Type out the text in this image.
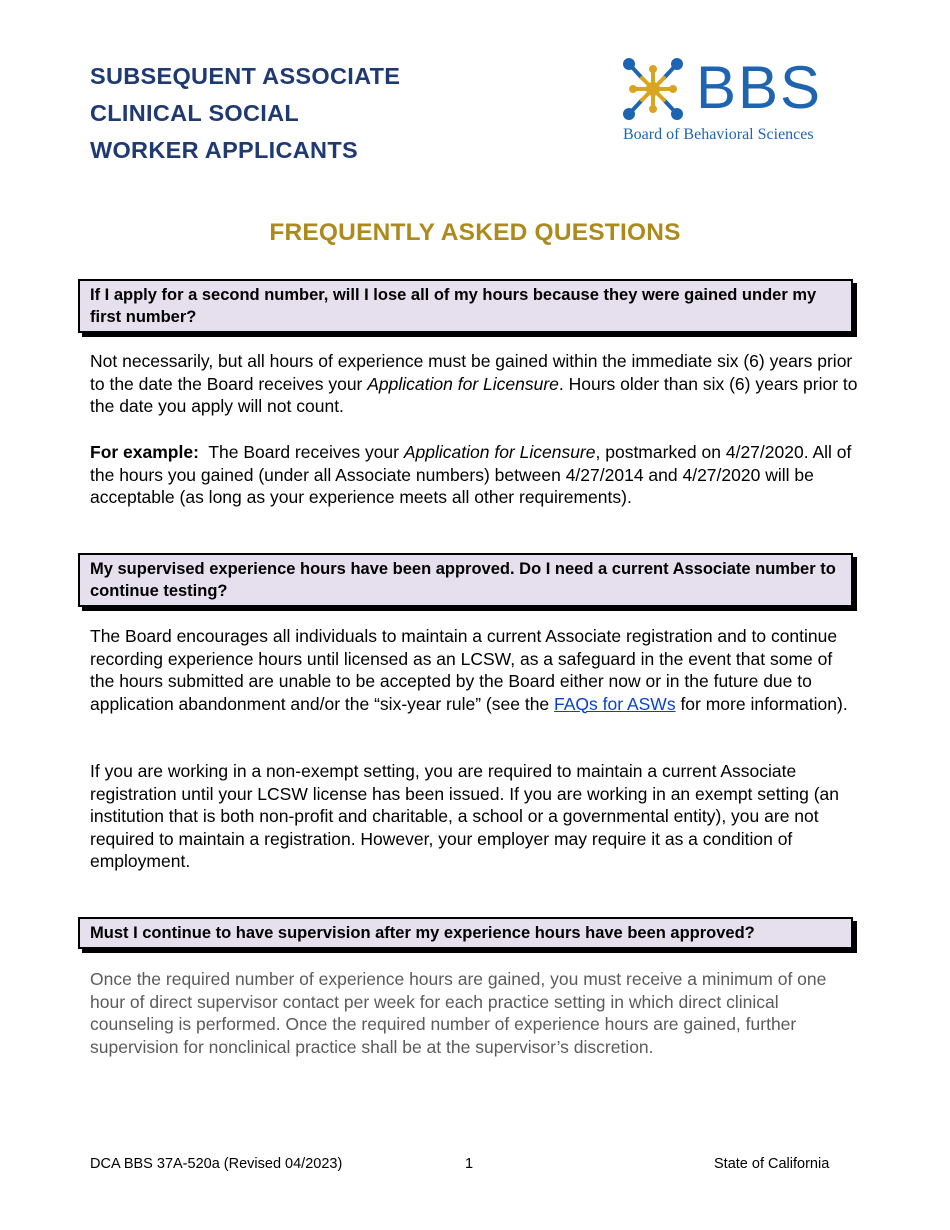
SUBSEQUENT ASSOCIATE
CLINICAL SOCIAL
WORKER APPLICANTS
BBS
Board of Behavioral Sciences
FREQUENTLY ASKED QUESTIONS
If I apply for a second number, will I lose all of my hours because they were gained under my first number?
Not necessarily, but all hours of experience must be gained within the immediate six (6) years prior to the date the Board receives your Application for Licensure. Hours older than six (6) years prior to the date you apply will not count.
For example:  The Board receives your Application for Licensure, postmarked on 4/27/2020. All of the hours you gained (under all Associate numbers) between 4/27/2014 and 4/27/2020 will be acceptable (as long as your experience meets all other requirements).
My supervised experience hours have been approved. Do I need a current Associate number to continue testing?
The Board encourages all individuals to maintain a current Associate registration and to continue recording experience hours until licensed as an LCSW, as a safeguard in the event that some of the hours submitted are unable to be accepted by the Board either now or in the future due to application abandonment and/or the “six-year rule” (see the FAQs for ASWs for more information).
If you are working in a non-exempt setting, you are required to maintain a current Associate registration until your LCSW license has been issued. If you are working in an exempt setting (an institution that is both non-profit and charitable, a school or a governmental entity), you are not required to maintain a registration. However, your employer may require it as a condition of employment.
Must I continue to have supervision after my experience hours have been approved?
Once the required number of experience hours are gained, you must receive a minimum of one hour of direct supervisor contact per week for each practice setting in which direct clinical counseling is performed. Once the required number of experience hours are gained, further supervision for nonclinical practice shall be at the supervisor’s discretion.
DCA BBS 37A-520a (Revised 04/2023)	1	State of California
